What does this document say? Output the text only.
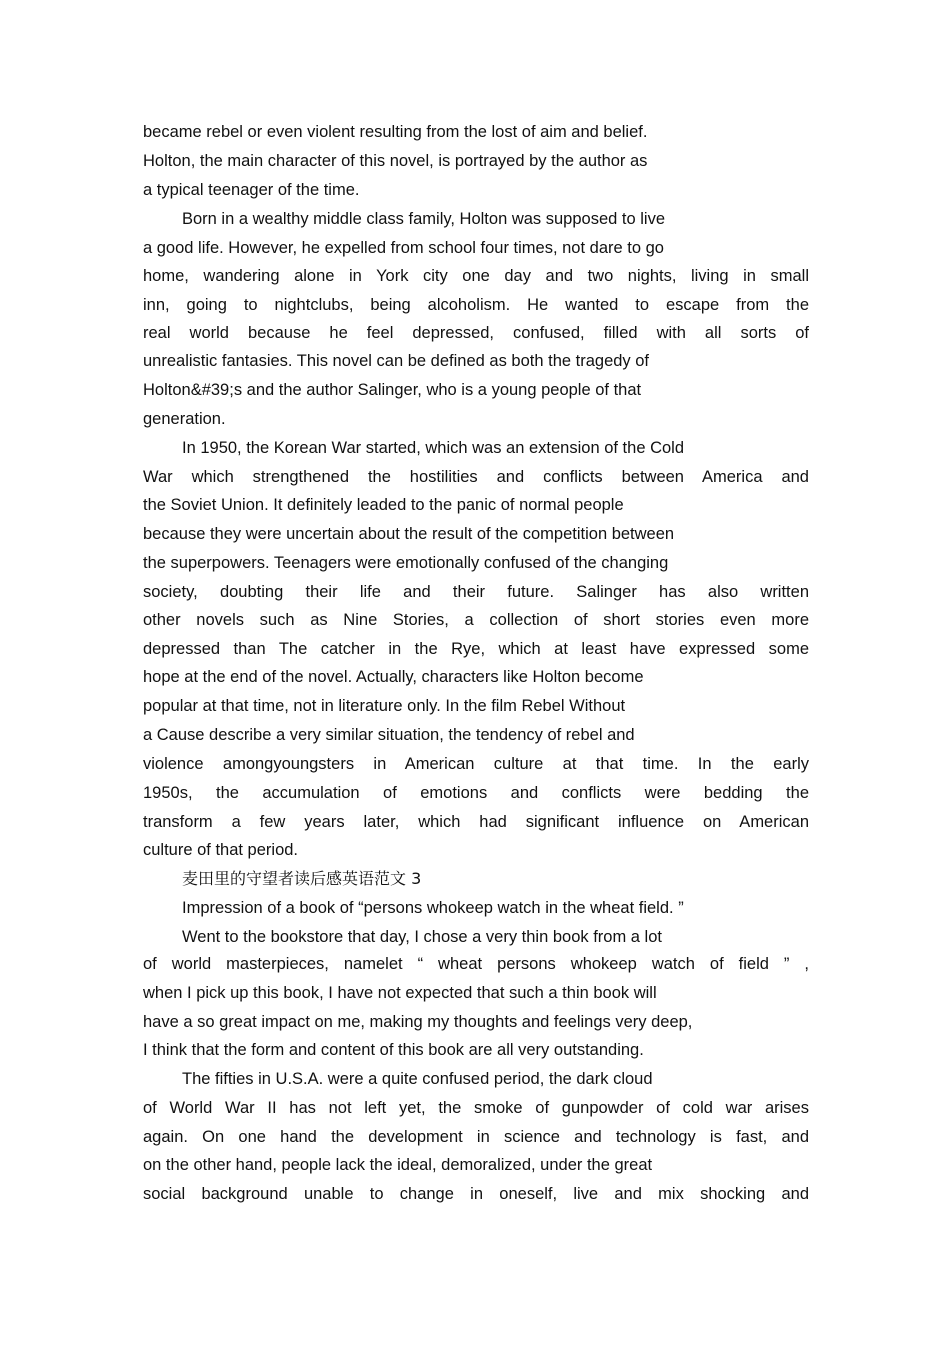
became rebel or even violent resulting from the lost of aim and belief.

Holton, the main character of this novel, is portrayed by the author as

a typical teenager of the time.

Born in a wealthy middle class family, Holton was supposed to live

a good life. However, he expelled from school four times, not dare to go

home, wandering alone in York city one day and two nights, living in small

inn, going to nightclubs, being alcoholism. He wanted to escape from the

real world because he feel depressed, confused, filled with all sorts of

unrealistic fantasies. This novel can be defined as both the tragedy of

Holton&#39;s and the author Salinger, who is a young people of that

generation.

In 1950, the Korean War started, which was an extension of the Cold

War which strengthened the hostilities and conflicts between America and

the Soviet Union. It definitely leaded to the panic of normal people

because they were uncertain about the result of the competition between

the superpowers. Teenagers were emotionally confused of the changing

society, doubting their life and their future. Salinger has also written

other novels such as Nine Stories, a collection of short stories even more

depressed than The catcher in the Rye, which at least have expressed some

hope at the end of the novel. Actually, characters like Holton become

popular at that time, not in literature only. In the film Rebel Without

a Cause describe a very similar situation, the tendency of rebel and

violence amongyoungsters in American culture at that time. In the early

1950s, the accumulation of emotions and conflicts were bedding the

transform a few years later, which had significant influence on American

culture of that period.

麦田里的守望者读后感英语范文 3

Impression of a book of “persons whokeep watch in the wheat field. ”

Went to the bookstore that day, I chose a very thin book from a lot

of world masterpieces, namelet “ wheat persons whokeep watch of field ” ,

when I pick up this book, I have not expected that such a thin book will

have a so great impact on me, making my thoughts and feelings very deep,

I think that the form and content of this book are all very outstanding.

The fifties in U.S.A. were a quite confused period, the dark cloud

of World War II has not left yet, the smoke of gunpowder of cold war arises

again. On one hand the development in science and technology is fast, and

on the other hand, people lack the ideal, demoralized, under the great

social background unable to change in oneself, live and mix shocking and
